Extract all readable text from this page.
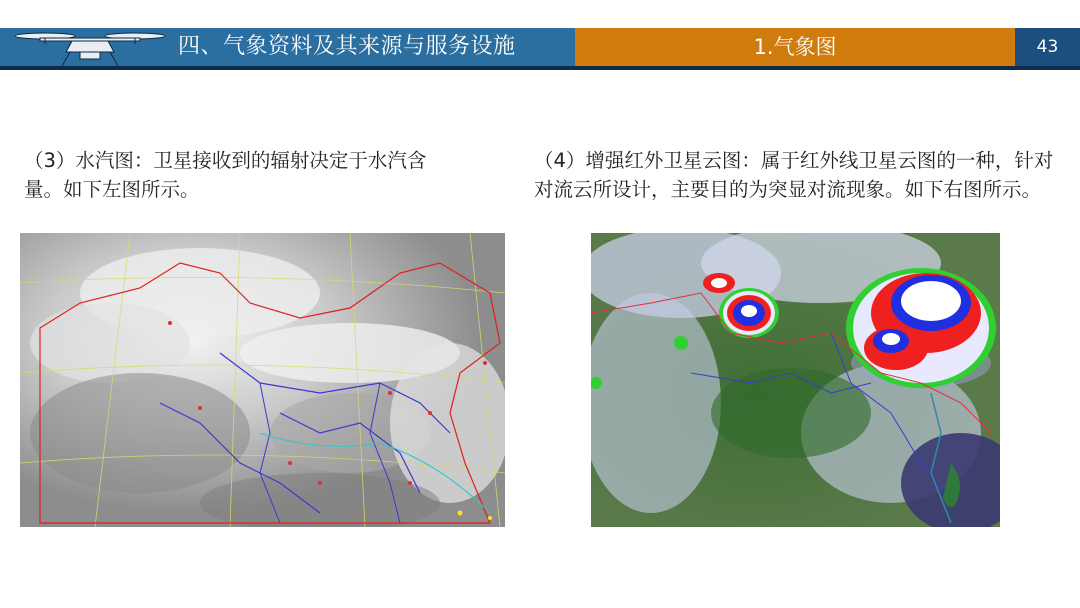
四、气象资料及其来源与服务设施	1.气象图	43
（3）水汽图：卫星接收到的辐射决定于水汽含量。如下左图所示。
（4）增强红外卫星云图：属于红外线卫星云图的一种，针对对流云所设计，主要目的为突显对流现象。如下右图所示。
